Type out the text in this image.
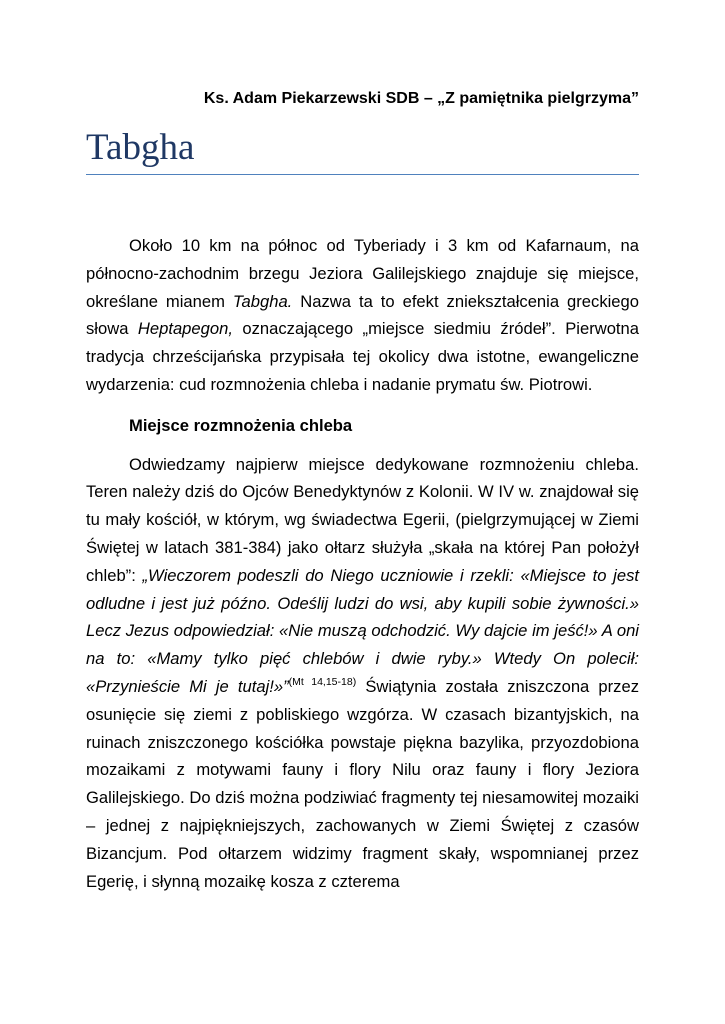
Ks. Adam Piekarzewski SDB – „Z pamiętnika pielgrzyma”
Tabgha

Około 10 km na północ od Tyberiady i 3 km od Kafarnaum, na północno-zachodnim brzegu Jeziora Galilejskiego znajduje się miejsce, określane mianem Tabgha. Nazwa ta to efekt zniekształcenia greckiego słowa Heptapegon, oznaczającego „miejsce siedmiu źródeł”. Pierwotna tradycja chrześcijańska przypisała tej okolicy dwa istotne, ewangeliczne wydarzenia: cud rozmnożenia chleba i nadanie prymatu św. Piotrowi.

Miejsce rozmnożenia chleba

Odwiedzamy najpierw miejsce dedykowane rozmnożeniu chleba. Teren należy dziś do Ojców Benedyktynów z Kolonii. W IV w. znajdował się tu mały kościół, w którym, wg świadectwa Egerii, (pielgrzymującej w Ziemi Świętej w latach 381-384) jako ołtarz służyła „skała na której Pan położył chleb”: „Wieczorem podeszli do Niego uczniowie i rzekli: «Miejsce to jest odludne i jest już późno. Odeślij ludzi do wsi, aby kupili sobie żywności.» Lecz Jezus odpowiedział: «Nie muszą odchodzić. Wy dajcie im jeść!» A oni na to: «Mamy tylko pięć chlebów i dwie ryby.» Wtedy On polecił: «Przynieście Mi je tutaj!»”$^{(Mt 14,15-18)}$ Świątynia została zniszczona przez osunięcie się ziemi z pobliskiego wzgórza. W czasach bizantyjskich, na ruinach zniszczonego kościółka powstaje piękna bazylika, przyozdobiona mozaikami z motywami fauny i flory Nilu oraz fauny i flory Jeziora Galilejskiego. Do dziś można podziwiać fragmenty tej niesamowitej mozaiki – jednej z najpiękniejszych, zachowanych w Ziemi Świętej z czasów Bizancjum. Pod ołtarzem widzimy fragment skały, wspomnianej przez Egerię, i słynną mozaikę kosza z czterema
